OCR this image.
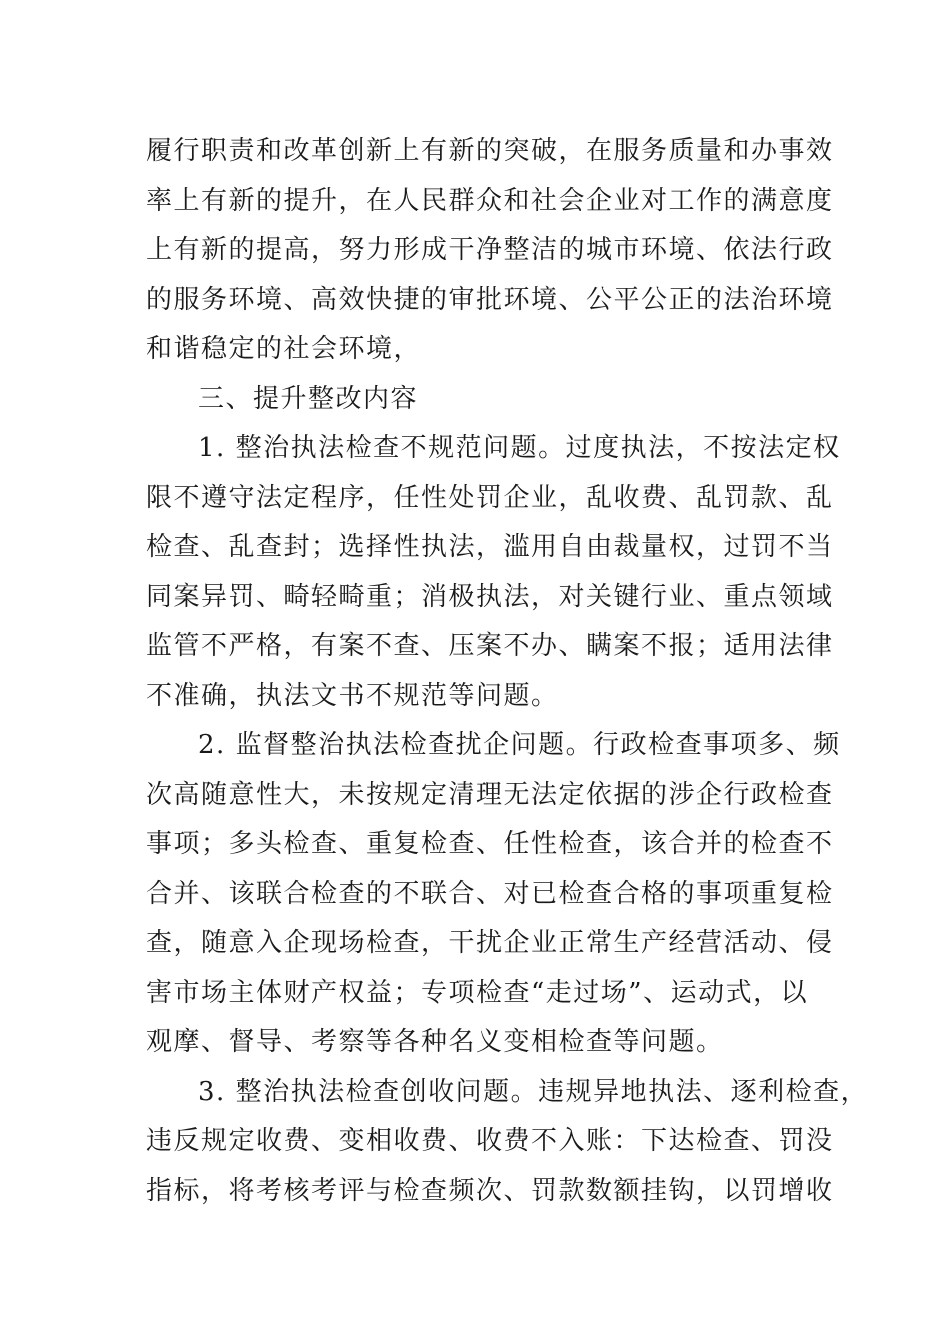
履行职责和改革创新上有新的突破，在服务质量和办事效
率上有新的提升，在人民群众和社会企业对工作的满意度
上有新的提高，努力形成干净整洁的城市环境、依法行政
的服务环境、高效快捷的审批环境、公平公正的法治环境
和谐稳定的社会环境，
三、提升整改内容
1. 整治执法检查不规范问题。过度执法，不按法定权
限不遵守法定程序，任性处罚企业，乱收费、乱罚款、乱
检查、乱查封；选择性执法，滥用自由裁量权，过罚不当
同案异罚、畸轻畸重；消极执法，对关键行业、重点领域
监管不严格，有案不查、压案不办、瞒案不报；适用法律
不准确，执法文书不规范等问题。
2. 监督整治执法检查扰企问题。行政检查事项多、频
次高随意性大，未按规定清理无法定依据的涉企行政检查
事项；多头检查、重复检查、任性检查，该合并的检查不
合并、该联合检查的不联合、对已检查合格的事项重复检
查，随意入企现场检查，干扰企业正常生产经营活动、侵
害市场主体财产权益；专项检查“走过场”、运动式，以
观摩、督导、考察等各种名义变相检查等问题。
3. 整治执法检查创收问题。违规异地执法、逐利检查，
违反规定收费、变相收费、收费不入账：下达检查、罚没
指标，将考核考评与检查频次、罚款数额挂钩，以罚增收
